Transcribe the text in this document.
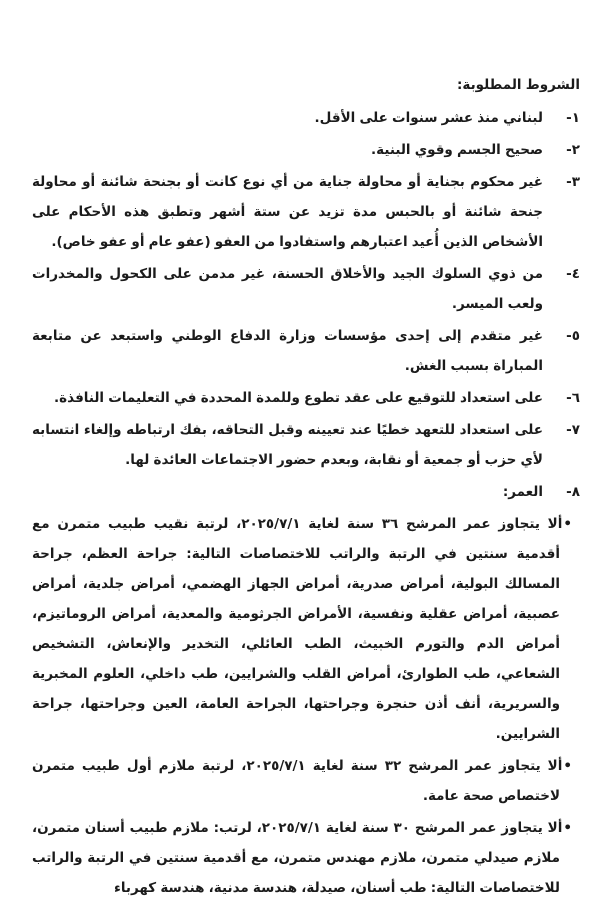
الشروط المطلوبة:
١-
لبناني منذ عشر سنوات على الأقل.
٢-
صحيح الجسم وقوي البنية.
٣-
غير محكوم بجناية أو محاولة جناية من أي نوع كانت أو بجنحة شائنة أو محاولة جنحة شائنة أو بالحبس مدة تزيد عن ستة أشهر وتطبق هذه الأحكام على الأشخاص الذين أُعيد اعتبارهم واستفادوا من العفو (عفو عام أو عفو خاص).
٤-
من ذوي السلوك الجيد والأخلاق الحسنة، غير مدمن على الكحول والمخدرات ولعب الميسر.
٥-
غير متقدم إلى إحدى مؤسسات وزارة الدفاع الوطني واستبعد عن متابعة المباراة بسبب الغش.
٦-
على استعداد للتوقيع على عقد تطوع وللمدة المحددة في التعليمات النافذة.
٧-
على استعداد للتعهد خطيًا عند تعيينه وقبل التحاقه، بفك ارتباطه وإلغاء انتسابه لأي حزب أو جمعية أو نقابة، وبعدم حضور الاجتماعات العائدة لها.
٨-
العمر:
•ألا يتجاوز عمر المرشح ٣٦ سنة لغاية ٢٠٢٥/٧/١، لرتبة نقيب طبيب متمرن مع أقدمية سنتين في الرتبة والراتب للاختصاصات التالية: جراحة العظم، جراحة المسالك البولية، أمراض صدرية، أمراض الجهاز الهضمي، أمراض جلدية، أمراض عصبية، أمراض عقلية ونفسية، الأمراض الجرثومية والمعدية، أمراض الروماتيزم، أمراض الدم والتورم الخبيث، الطب العائلي، التخدير والإنعاش، التشخيص الشعاعي، طب الطوارئ، أمراض القلب والشرايين، طب داخلي، العلوم المخبرية والسريرية، أنف أذن حنجرة وجراحتها، الجراحة العامة، العين وجراحتها، جراحة الشرايين.
•ألا يتجاوز عمر المرشح ٣٢ سنة لغاية ٢٠٢٥/٧/١، لرتبة ملازم أول طبيب متمرن لاختصاص صحة عامة.
•ألا يتجاوز عمر المرشح ٣٠ سنة لغاية ٢٠٢٥/٧/١، لرتب: ملازم طبيب أسنان متمرن، ملازم صيدلي متمرن، ملازم مهندس متمرن، مع أقدمية سنتين في الرتبة والراتب للاختصاصات التالية: طب أسنان، صيدلة، هندسة مدنية، هندسة كهرباء
